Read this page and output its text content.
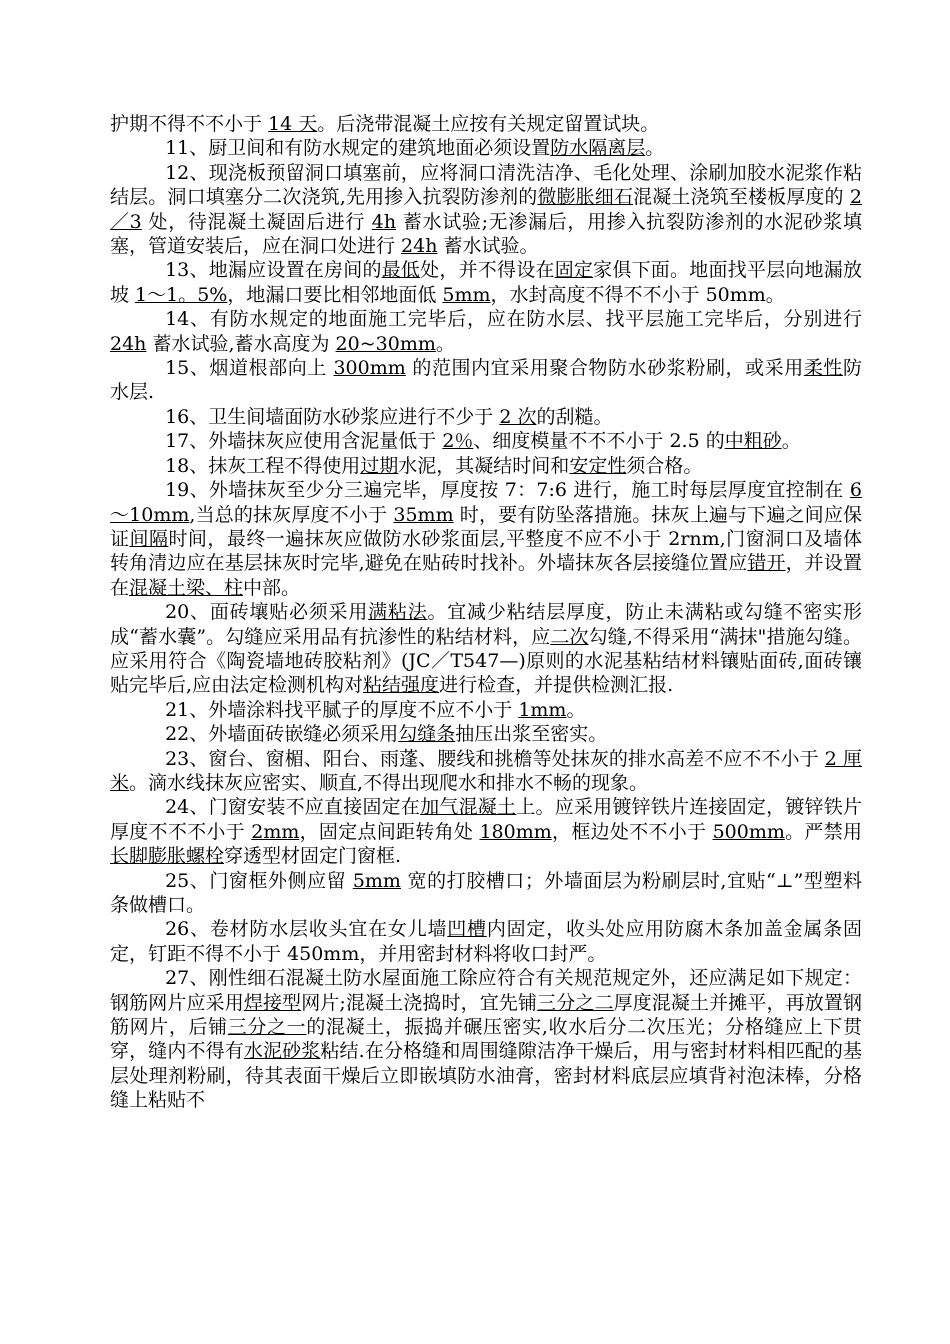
护期不得不不小于 14 天。后浇带混凝土应按有关规定留置试块。

11、厨卫间和有防水规定的建筑地面必须设置防水隔离层。

12、现浇板预留洞口填塞前，应将洞口清洗洁净、毛化处理、涂刷加胶水泥浆作粘结层。洞口填塞分二次浇筑,先用掺入抗裂防渗剂的微膨胀细石混凝土浇筑至楼板厚度的 2／3 处，待混凝土凝固后进行 4h 蓄水试验;无渗漏后，用掺入抗裂防渗剂的水泥砂浆填塞，管道安装后，应在洞口处进行 24h 蓄水试验。

13、地漏应设置在房间的最低处，并不得设在固定家俱下面。地面找平层向地漏放坡 1～1。5%，地漏口要比相邻地面低 5mm，水封高度不得不不小于 50mm。

14、有防水规定的地面施工完毕后，应在防水层、找平层施工完毕后，分别进行 24h 蓄水试验,蓄水高度为 20~30mm。

15、烟道根部向上 300mm 的范围内宜采用聚合物防水砂浆粉刷，或采用柔性防水层.

16、卫生间墙面防水砂浆应进行不少于 2 次的刮糙。

17、外墙抹灰应使用含泥量低于 2％、细度模量不不不小于 2.5 的中粗砂。

18、抹灰工程不得使用过期水泥，其凝结时间和安定性须合格。

19、外墙抹灰至少分三遍完毕，厚度按 7：7:6 进行，施工时每层厚度宜控制在 6～10mm,当总的抹灰厚度不小于 35mm 时，要有防坠落措施。抹灰上遍与下遍之间应保证间隔时间，最终一遍抹灰应做防水砂浆面层,平整度不应不小于 2rnm,门窗洞口及墙体转角清边应在基层抹灰时完毕,避免在贴砖时找补。外墙抹灰各层接缝位置应错开，并设置在混凝土梁、柱中部。

20、面砖壤贴必须采用满粘法。宜减少粘结层厚度，防止未满粘或勾缝不密实形成“蓄水囊”。勾缝应采用品有抗渗性的粘结材料，应二次勾缝,不得采用“满抹"措施勾缝。应采用符合《陶瓷墙地砖胶粘剂》(JC／T547—)原则的水泥基粘结材料镶贴面砖,面砖镶贴完毕后,应由法定检测机构对粘结强度进行检查，并提供检测汇报.

21、外墙涂料找平腻子的厚度不应不小于 1mm。

22、外墙面砖嵌缝必须采用勾缝条抽压出浆至密实。

23、窗台、窗楣、阳台、雨蓬、腰线和挑檐等处抹灰的排水高差不应不不小于 2 厘米。滴水线抹灰应密实、顺直,不得出现爬水和排水不畅的现象。

24、门窗安装不应直接固定在加气混凝土上。应采用镀锌铁片连接固定，镀锌铁片厚度不不不小于 2mm，固定点间距转角处 180mm，框边处不不小于 500mm。严禁用长脚膨胀螺栓穿透型材固定门窗框.

25、门窗框外侧应留 5mm 宽的打胶槽口；外墙面层为粉刷层时,宜贴“⊥”型塑料条做槽口。

26、卷材防水层收头宜在女儿墙凹槽内固定，收头处应用防腐木条加盖金属条固定，钉距不得不小于 450mm，并用密封材料将收口封严。

27、刚性细石混凝土防水屋面施工除应符合有关规范规定外，还应满足如下规定：钢筋网片应采用焊接型网片;混凝土浇捣时，宜先铺三分之二厚度混凝土并摊平，再放置钢筋网片，后铺三分之一的混凝土，振捣并碾压密实,收水后分二次压光；分格缝应上下贯穿，缝内不得有水泥砂浆粘结.在分格缝和周围缝隙洁净干燥后，用与密封材料相匹配的基层处理剂粉刷，待其表面干燥后立即嵌填防水油膏，密封材料底层应填背衬泡沫棒，分格缝上粘贴不
